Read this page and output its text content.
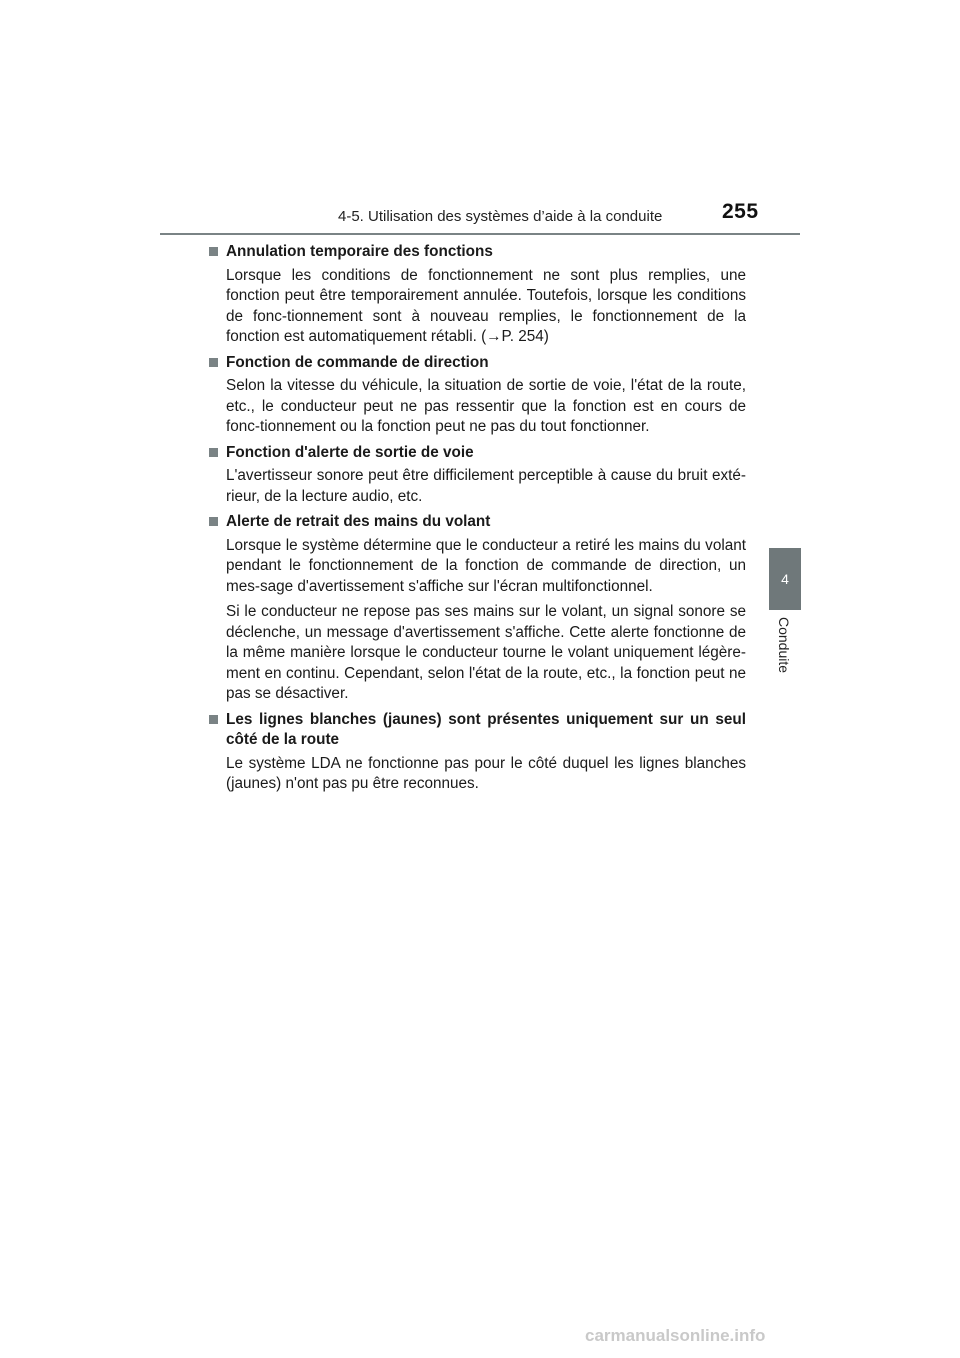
4-5. Utilisation des systèmes d’aide à la conduite	255
4
Conduite
Annulation temporaire des fonctions

Lorsque les conditions de fonctionnement ne sont plus remplies, une fonction peut être temporairement annulée. Toutefois, lorsque les conditions de fonc-tionnement sont à nouveau remplies, le fonctionnement de la fonction est automatiquement rétabli. (→P. 254)

Fonction de commande de direction

Selon la vitesse du véhicule, la situation de sortie de voie, l'état de la route, etc., le conducteur peut ne pas ressentir que la fonction est en cours de fonc-tionnement ou la fonction peut ne pas du tout fonctionner.

Fonction d'alerte de sortie de voie

L'avertisseur sonore peut être difficilement perceptible à cause du bruit exté-rieur, de la lecture audio, etc.

Alerte de retrait des mains du volant

Lorsque le système détermine que le conducteur a retiré les mains du volant pendant le fonctionnement de la fonction de commande de direction, un mes-sage d'avertissement s'affiche sur l'écran multifonctionnel.

Si le conducteur ne repose pas ses mains sur le volant, un signal sonore se déclenche, un message d'avertissement s'affiche. Cette alerte fonctionne de la même manière lorsque le conducteur tourne le volant uniquement légère-ment en continu. Cependant, selon l'état de la route, etc., la fonction peut ne pas se désactiver.

Les lignes blanches (jaunes) sont présentes uniquement sur un seul côté de la route

Le système LDA ne fonctionne pas pour le côté duquel les lignes blanches (jaunes) n'ont pas pu être reconnues.

carmanualsonline.info
